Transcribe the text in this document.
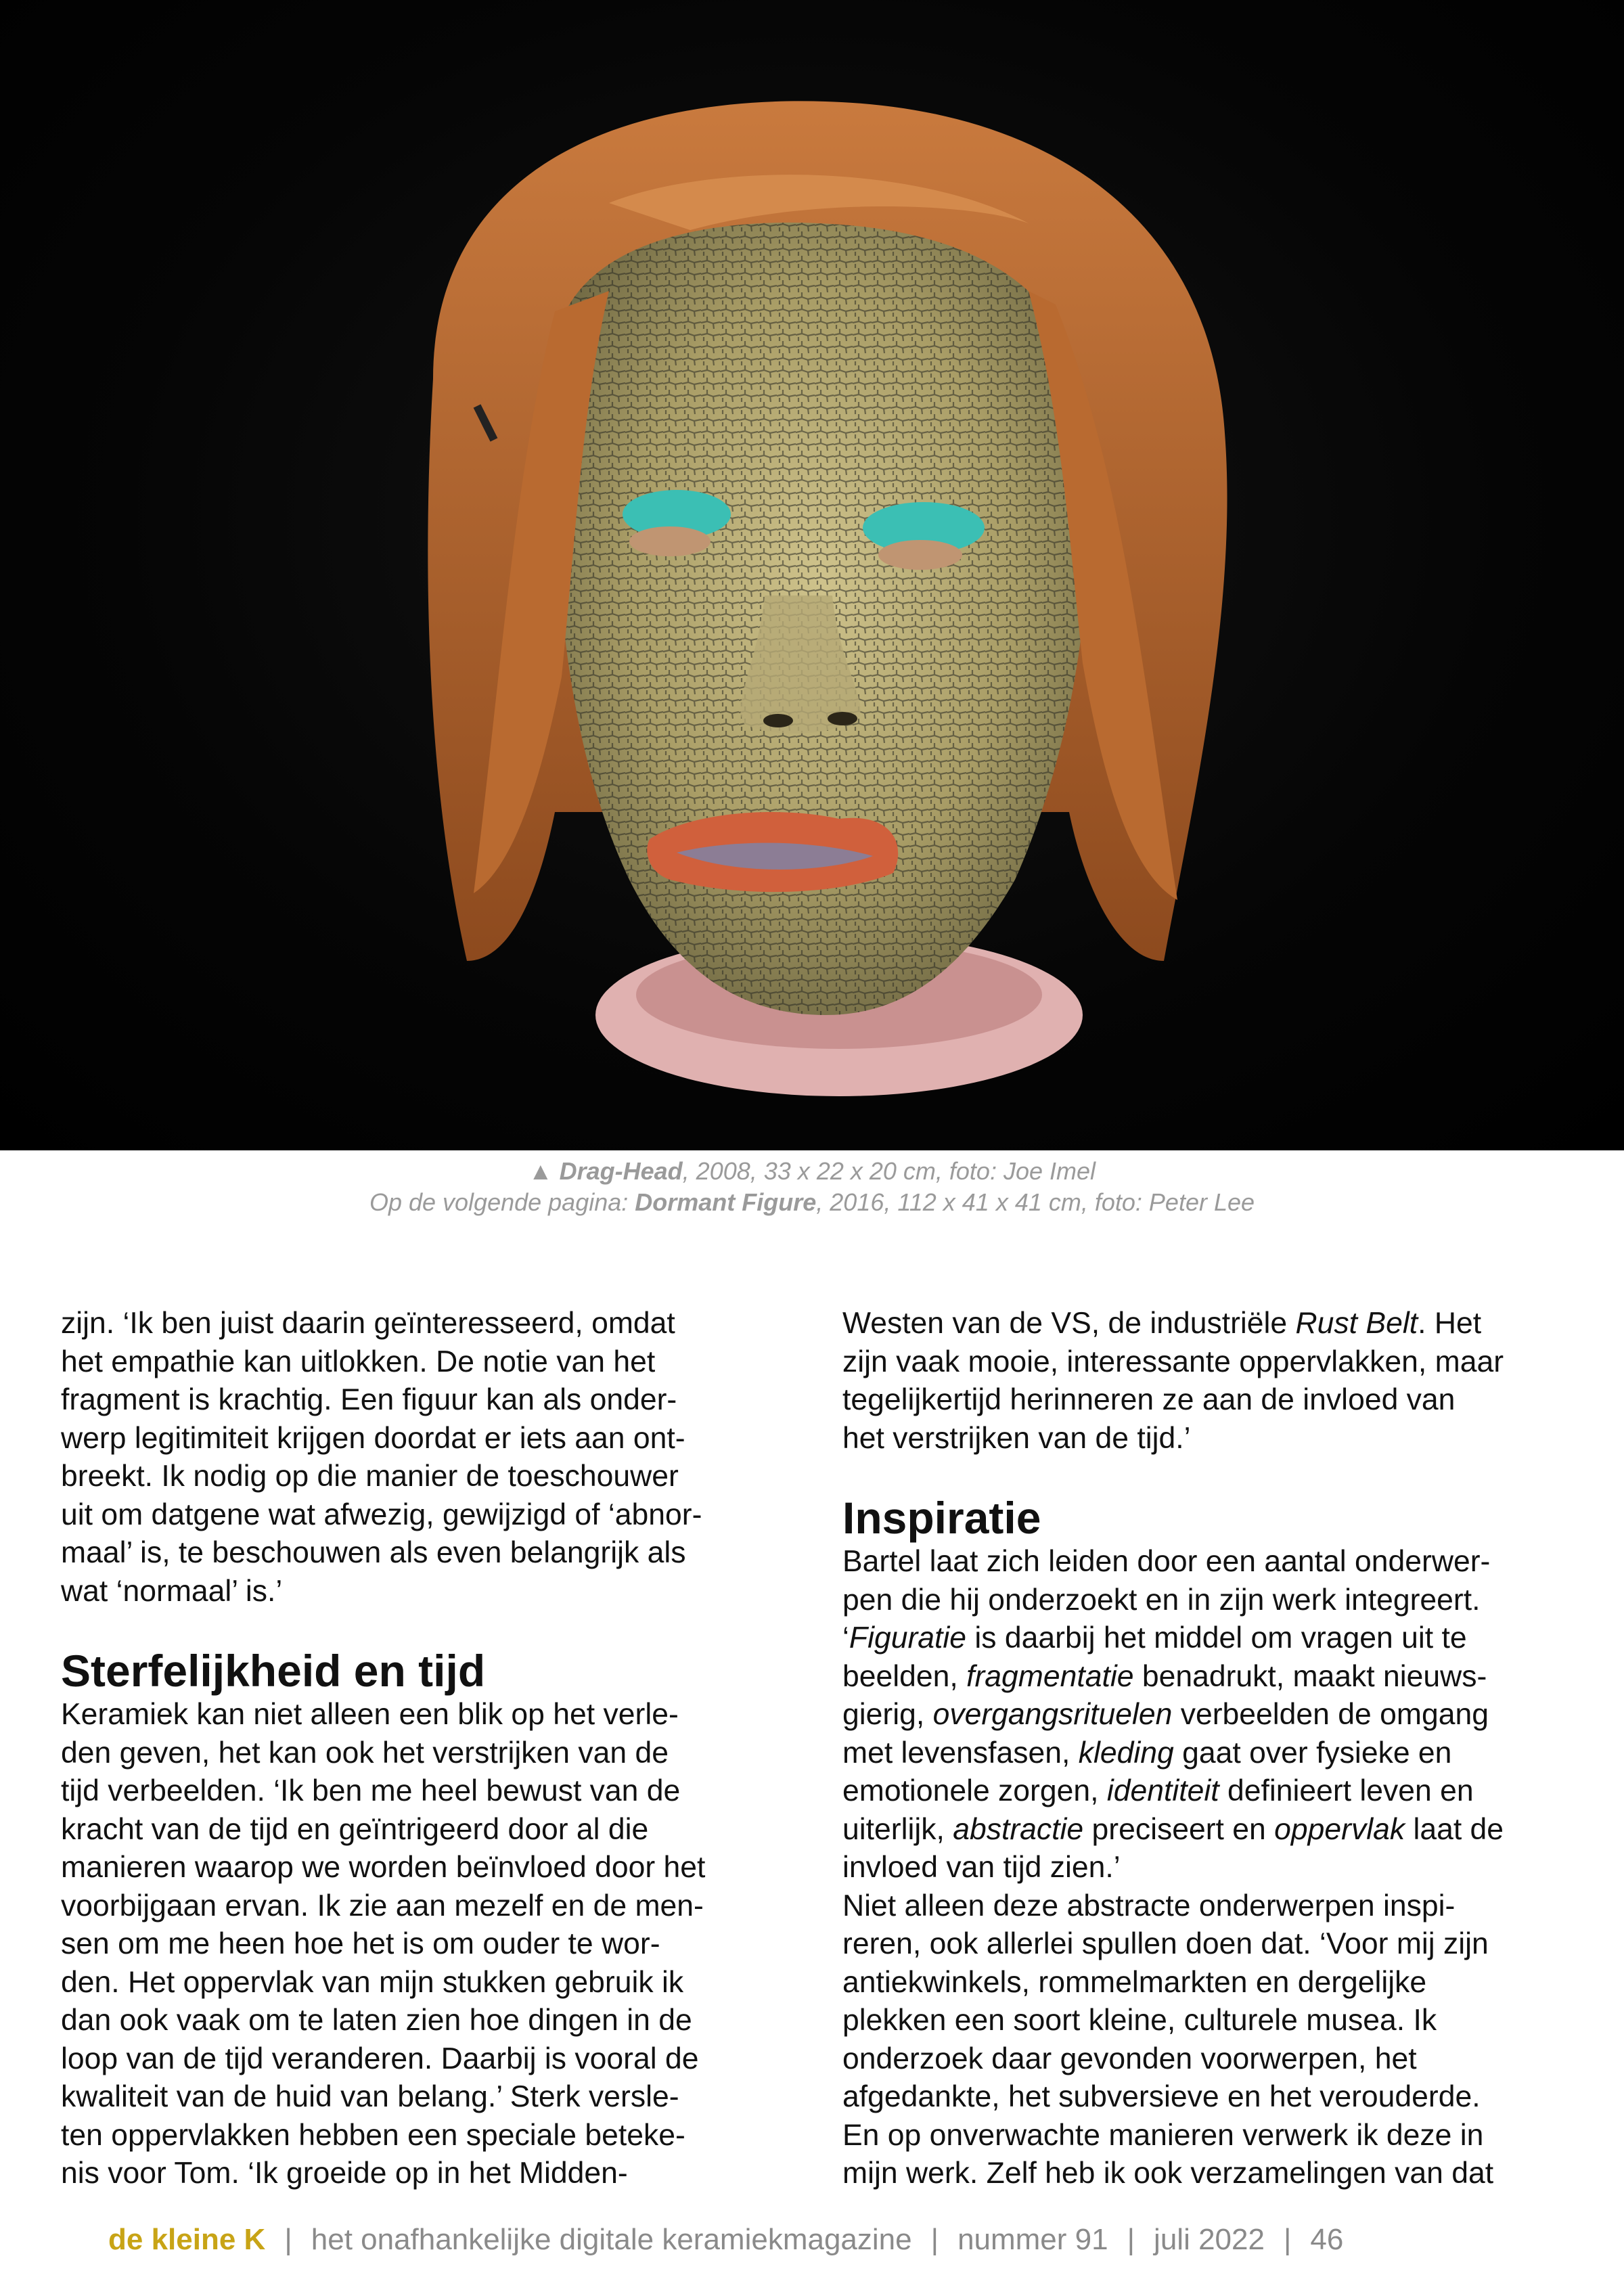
▲ Drag-Head, 2008, 33 x 22 x 20 cm, foto: Joe Imel
Op de volgende pagina: Dormant Figure, 2016, 112 x 41 x 41 cm, foto: Peter Lee
zijn. ‘Ik ben juist daarin geïnteresseerd, omdat
het empathie kan uitlokken. De notie van het
fragment is krachtig. Een figuur kan als onder-
werp legitimiteit krijgen doordat er iets aan ont-
breekt. Ik nodig op die manier de toeschouwer
uit om datgene wat afwezig, gewijzigd of ‘abnor-
maal’ is, te beschouwen als even belangrijk als
wat ‘normaal’ is.’
Sterfelijkheid en tijd
Keramiek kan niet alleen een blik op het verle-
den geven, het kan ook het verstrijken van de
tijd verbeelden. ‘Ik ben me heel bewust van de
kracht van de tijd en geïntrigeerd door al die
manieren waarop we worden beïnvloed door het
voorbijgaan ervan. Ik zie aan mezelf en de men-
sen om me heen hoe het is om ouder te wor-
den. Het oppervlak van mijn stukken gebruik ik
dan ook vaak om te laten zien hoe dingen in de
loop van de tijd veranderen. Daarbij is vooral de
kwaliteit van de huid van belang.’ Sterk versle-
ten oppervlakken hebben een speciale beteke-
nis voor Tom. ‘Ik groeide op in het Midden-
Westen van de VS, de industriële Rust Belt. Het
zijn vaak mooie, interessante oppervlakken, maar
tegelijkertijd herinneren ze aan de invloed van
het verstrijken van de tijd.’
Inspiratie
Bartel laat zich leiden door een aantal onderwer-
pen die hij onderzoekt en in zijn werk integreert.
‘Figuratie is daarbij het middel om vragen uit te
beelden, fragmentatie benadrukt, maakt nieuws-
gierig, overgangsrituelen verbeelden de omgang
met levensfasen, kleding gaat over fysieke en
emotionele zorgen, identiteit definieert leven en
uiterlijk, abstractie preciseert en oppervlak laat de
invloed van tijd zien.’
Niet alleen deze abstracte onderwerpen inspi-
reren, ook allerlei spullen doen dat. ‘Voor mij zijn
antiekwinkels, rommelmarkten en dergelijke
plekken een soort kleine, culturele musea. Ik
onderzoek daar gevonden voorwerpen, het
afgedankte, het subversieve en het verouderde.
En op onverwachte manieren verwerk ik deze in
mijn werk. Zelf heb ik ook verzamelingen van dat
de kleine K | het onafhankelijke digitale keramiekmagazine | nummer 91 | juli 2022 | 46
